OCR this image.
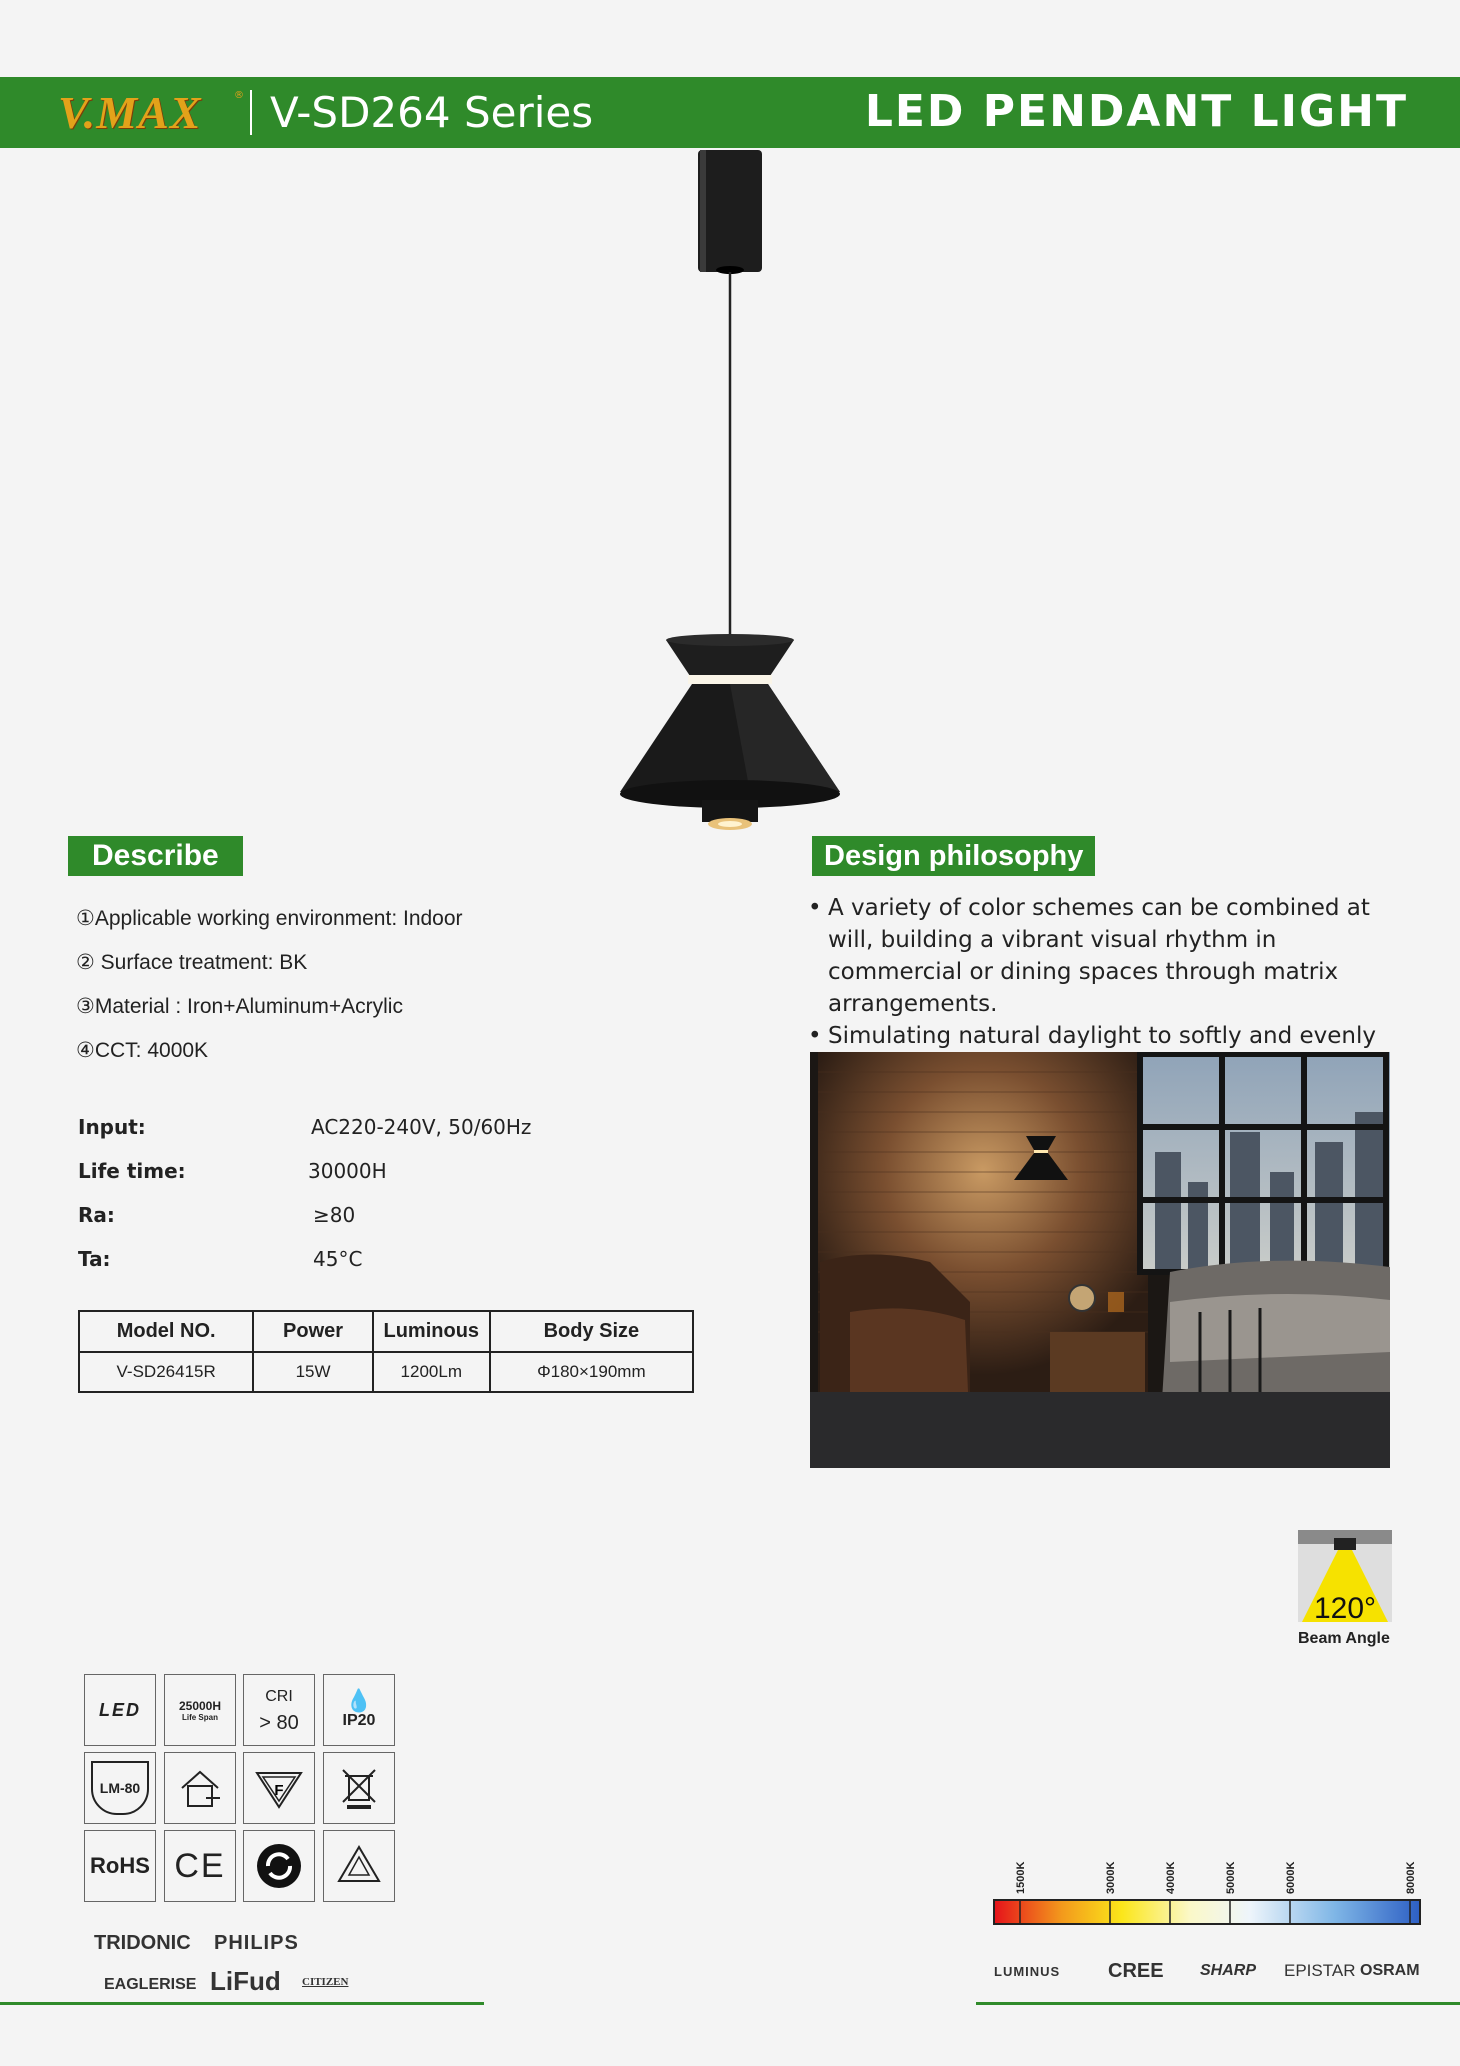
V.MAX	® V-SD264 Series	LED PENDANT LIGHT
Describe
①Applicable working environment: Indoor
② Surface treatment: BK
③Material : Iron+Aluminum+Acrylic
④CCT: 4000K
Input:	AC220-240V, 50/60Hz
Life time:	30000H
Ra:	≥80
Ta:	45°C
Model NO.	Power	Luminous	Body Size
V-SD26415R	15W	1200Lm	Φ180×190mm
Design philosophy
• A variety of color schemes can be combined at will, building a vibrant visual rhythm in commercial or dining spaces through matrix arrangements.
• Simulating natural daylight to softly and evenly
120°
Beam Angle
LED	25000H
Life Span
CRI
> 80
💧
IP20
LM-80	F
RoHS CE
TRIDONIC PHILIPS
EAGLERISE LiFud CITIZEN
1500K	3000K	4000K	5000K	6000K	8000K
LUMINUS CREE SHARP EPISTAR OSRAM
